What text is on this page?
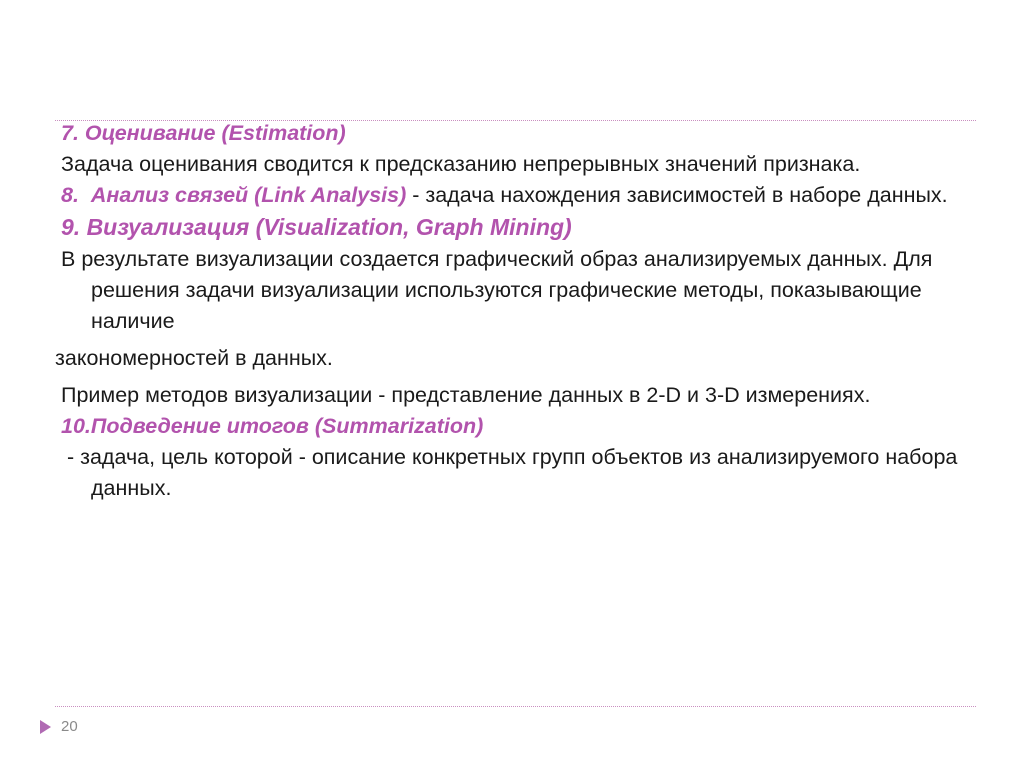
7. Оценивание (Estimation)

Задача оценивания сводится к предсказанию непрерывных значений признака.

8.  Анализ связей (Link Analysis) - задача нахождения зависимостей в наборе данных.

9. Визуализация (Visualization, Graph Mining)

В результате визуализации создается графический образ анализируемых данных. Для решения задачи визуализации используются графические методы, показывающие наличие

закономерностей в данных.

Пример методов визуализации - представление данных в 2-D и 3-D измерениях.

10.Подведение итогов (Summarization)

- задача, цель которой - описание конкретных групп объектов из анализируемого набора данных.

20
